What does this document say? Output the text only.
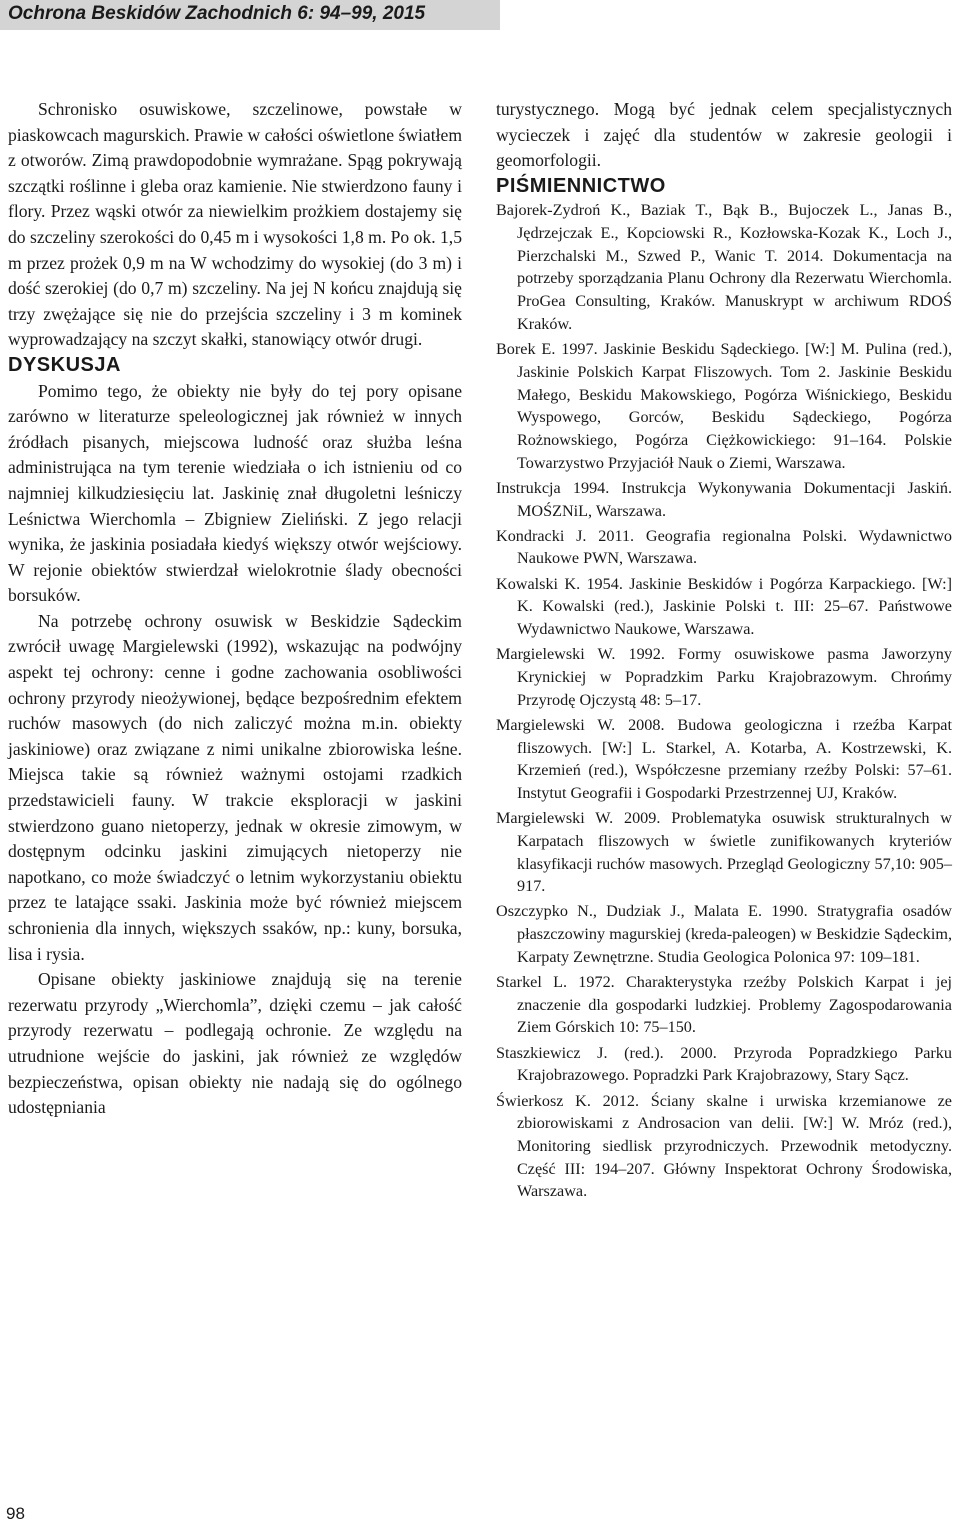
Ochrona Beskidów Zachodnich 6: 94–99, 2015

Schronisko osuwiskowe, szczelinowe, powstałe w piaskowcach magurskich. Prawie w całości oświetlone światłem z otworów. Zimą prawdopodobnie wymrażane. Spąg pokrywają szczątki roślinne i gleba oraz kamienie. Nie stwierdzono fauny i flory. Przez wąski otwór za niewielkim prożkiem dostajemy się do szczeliny szerokości do 0,45 m i wysokości 1,8 m. Po ok. 1,5 m przez prożek 0,9 m na W wchodzimy do wysokiej (do 3 m) i dość szerokiej (do 0,7 m) szczeliny. Na jej N końcu znajdują się trzy zwężające się nie do przejścia szczeliny i 3 m kominek wyprowadzający na szczyt skałki, stanowiący otwór drugi.

DYSKUSJA

Pomimo tego, że obiekty nie były do tej pory opisane zarówno w literaturze speleologicznej jak również w innych źródłach pisanych, miejscowa ludność oraz służba leśna administrująca na tym terenie wiedziała o ich istnieniu od co najmniej kilkudziesięciu lat. Jaskinię znał długoletni leśniczy Leśnictwa Wierchomla – Zbigniew Zieliński. Z jego relacji wynika, że jaskinia posiadała kiedyś większy otwór wejściowy. W rejonie obiektów stwierdzał wielokrotnie ślady obecności borsuków.

Na potrzebę ochrony osuwisk w Beskidzie Sądeckim zwrócił uwagę Margielewski (1992), wskazując na podwójny aspekt tej ochrony: cenne i godne zachowania osobliwości ochrony przyrody nieożywionej, będące bezpośrednim efektem ruchów masowych (do nich zaliczyć można m.in. obiekty jaskiniowe) oraz związane z nimi unikalne zbiorowiska leśne. Miejsca takie są również ważnymi ostojami rzadkich przedstawicieli fauny. W trakcie eksploracji w jaskini stwierdzono guano nietoperzy, jednak w okresie zimowym, w dostępnym odcinku jaskini zimujących nietoperzy nie napotkano, co może świadczyć o letnim wykorzystaniu obiektu przez te latające ssaki. Jaskinia może być również miejscem schronienia dla innych, większych ssaków, np.: kuny, borsuka, lisa i rysia.

Opisane obiekty jaskiniowe znajdują się na terenie rezerwatu przyrody „Wierchomla”, dzięki czemu – jak całość przyrody rezerwatu – podlegają ochronie. Ze względu na utrudnione wejście do jaskini, jak również ze względów bezpieczeństwa, opisan obiekty nie nadają się do ogólnego udostępniania

turystycznego. Mogą być jednak celem specjalistycznych wycieczek i zajęć dla studentów w zakresie geologii i geomorfologii.

PIŚMIENNICTWO
Bajorek-Zydroń K., Baziak T., Bąk B., Bujoczek L., Janas B., Jędrzejczak E., Kopciowski R., Kozłowska-Kozak K., Loch J., Pierzchalski M., Szwed P., Wanic T. 2014. Dokumentacja na potrzeby sporządzania Planu Ochrony dla Rezerwatu Wierchomla. ProGea Consulting, Kraków. Manuskrypt w archiwum RDOŚ Kraków.
Borek E. 1997. Jaskinie Beskidu Sądeckiego. [W:] M. Pulina (red.), Jaskinie Polskich Karpat Fliszowych. Tom 2. Jaskinie Beskidu Małego, Beskidu Makowskiego, Pogórza Wiśnickiego, Beskidu Wyspowego, Gorców, Beskidu Sądeckiego, Pogórza Rożnowskiego, Pogórza Ciężkowickiego: 91–164. Polskie Towarzystwo Przyjaciół Nauk o Ziemi, Warszawa.
Instrukcja 1994. Instrukcja Wykonywania Dokumentacji Jaskiń. MOŚZNiL, Warszawa.
Kondracki J. 2011. Geografia regionalna Polski. Wydawnictwo Naukowe PWN, Warszawa.
Kowalski K. 1954. Jaskinie Beskidów i Pogórza Karpackiego. [W:] K. Kowalski (red.), Jaskinie Polski t. III: 25–67. Państwowe Wydawnictwo Naukowe, Warszawa.
Margielewski W. 1992. Formy osuwiskowe pasma Jaworzyny Krynickiej w Popradzkim Parku Krajobrazowym. Chrońmy Przyrodę Ojczystą 48: 5–17.
Margielewski W. 2008. Budowa geologiczna i rzeźba Karpat fliszowych. [W:] L. Starkel, A. Kotarba, A. Kostrzewski, K. Krzemień (red.), Współczesne przemiany rzeźby Polski: 57–61. Instytut Geografii i Gospodarki Przestrzennej UJ, Kraków.
Margielewski W. 2009. Problematyka osuwisk strukturalnych w Karpatach fliszowych w świetle zunifikowanych kryteriów klasyfikacji ruchów masowych. Przegląd Geologiczny 57,10: 905–917.
Oszczypko N., Dudziak J., Malata E. 1990. Stratygrafia osadów płaszczowiny magurskiej (kreda-paleogen) w Beskidzie Sądeckim, Karpaty Zewnętrzne. Studia Geologica Polonica 97: 109–181.
Starkel L. 1972. Charakterystyka rzeźby Polskich Karpat i jej znaczenie dla gospodarki ludzkiej. Problemy Zagospodarowania Ziem Górskich 10: 75–150.
Staszkiewicz J. (red.). 2000. Przyroda Popradzkiego Parku Krajobrazowego. Popradzki Park Krajobrazowy, Stary Sącz.
Świerkosz K. 2012. Ściany skalne i urwiska krzemianowe ze zbiorowiskami z Androsacion van delii. [W:] W. Mróz (red.), Monitoring siedlisk przyrodniczych. Przewodnik metodyczny. Część III: 194–207. Główny Inspektorat Ochrony Środowiska, Warszawa.
98
